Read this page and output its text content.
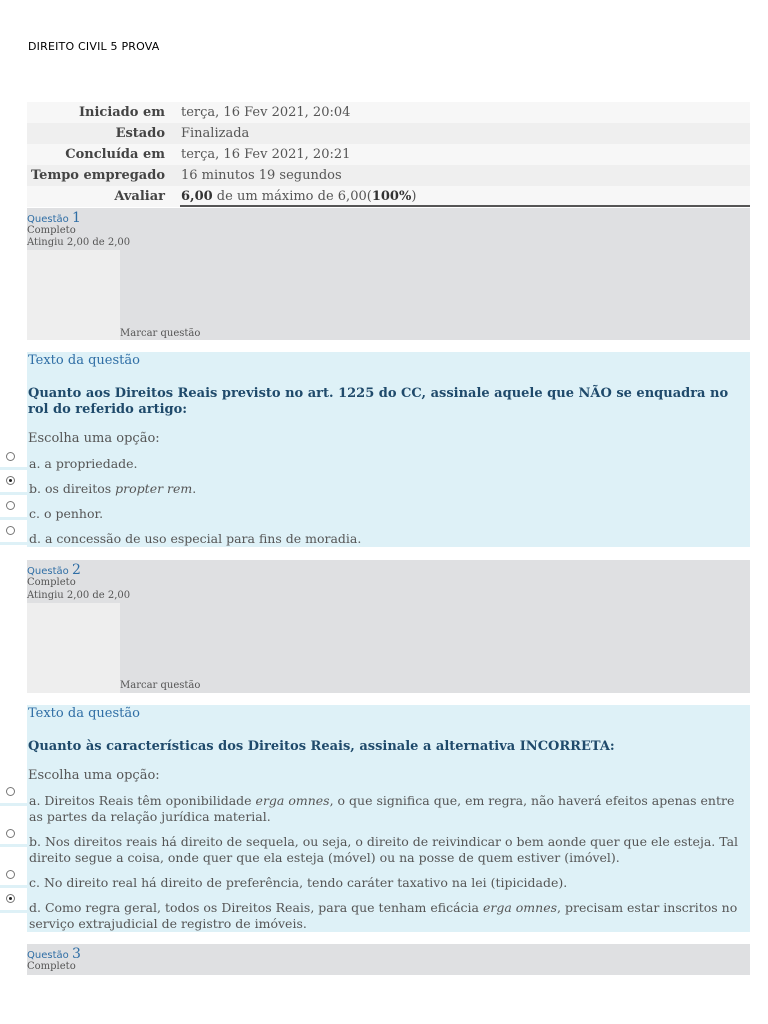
DIREITO CIVIL 5 PROVA
Iniciado em	terça, 16 Fev 2021, 20:04
Estado	Finalizada
Concluída em	terça, 16 Fev 2021, 20:21
Tempo empregado	16 minutos 19 segundos
Avaliar	6,00 de um máximo de 6,00(100%)
Questão 1
Completo
Atingiu 2,00 de 2,00
Marcar questão
Texto da questão
Quanto aos Direitos Reais previsto no art. 1225 do CC, assinale aquele que NÃO se enquadra no rol do referido artigo:
Escolha uma opção:
a. a propriedade.
b. os direitos propter rem.
c. o penhor.
d. a concessão de uso especial para fins de moradia.
Questão 2
Completo
Atingiu 2,00 de 2,00
Marcar questão
Texto da questão
Quanto às características dos Direitos Reais, assinale a alternativa INCORRETA:
Escolha uma opção:
a. Direitos Reais têm oponibilidade erga omnes, o que significa que, em regra, não haverá efeitos apenas entre as partes da relação jurídica material.
b. Nos direitos reais há direito de sequela, ou seja, o direito de reivindicar o bem aonde quer que ele esteja. Tal direito segue a coisa, onde quer que ela esteja (móvel) ou na posse de quem estiver (imóvel).
c. No direito real há direito de preferência, tendo caráter taxativo na lei (tipicidade).
d. Como regra geral, todos os Direitos Reais, para que tenham eficácia erga omnes, precisam estar inscritos no serviço extrajudicial de registro de imóveis.
Questão 3
Completo
